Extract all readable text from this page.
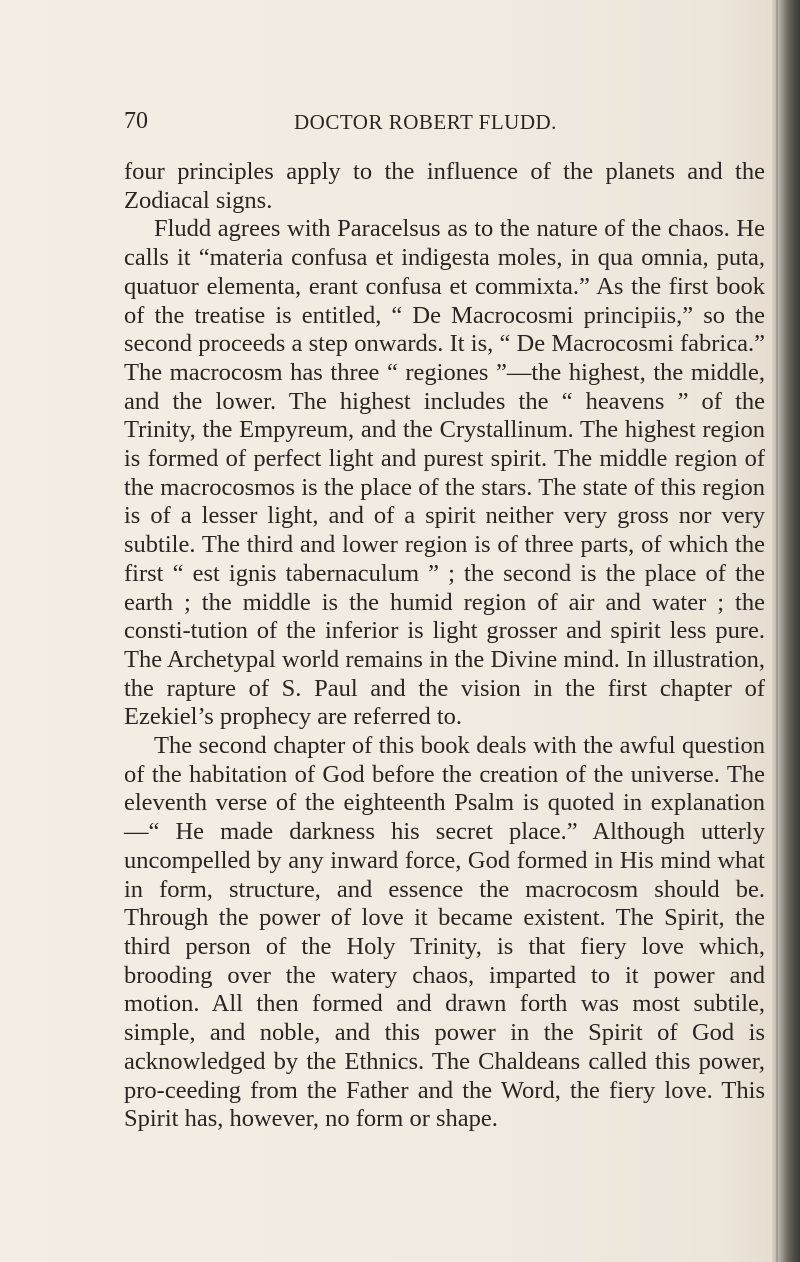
70	DOCTOR ROBERT FLUDD.

four principles apply to the influence of the planets and the Zodiacal signs.

Fludd agrees with Paracelsus as to the nature of the chaos. He calls it “materia confusa et indigesta moles, in qua omnia, puta, quatuor elementa, erant confusa et commixta.” As the first book of the treatise is entitled, “ De Macrocosmi principiis,” so the second proceeds a step onwards. It is, “ De Macrocosmi fabrica.” The macrocosm has three “ regiones ”—the highest, the middle, and the lower. The highest includes the “ heavens ” of the Trinity, the Empyreum, and the Crystallinum. The highest region is formed of perfect light and purest spirit. The middle region of the macrocosmos is the place of the stars. The state of this region is of a lesser light, and of a spirit neither very gross nor very subtile. The third and lower region is of three parts, of which the first “ est ignis tabernaculum ” ; the second is the place of the earth ; the middle is the humid region of air and water ; the consti-tution of the inferior is light grosser and spirit less pure. The Archetypal world remains in the Divine mind. In illustration, the rapture of S. Paul and the vision in the first chapter of Ezekiel’s prophecy are referred to.

The second chapter of this book deals with the awful question of the habitation of God before the creation of the universe. The eleventh verse of the eighteenth Psalm is quoted in explanation—“ He made darkness his secret place.” Although utterly uncompelled by any inward force, God formed in His mind what in form, structure, and essence the macrocosm should be. Through the power of love it became existent. The Spirit, the third person of the Holy Trinity, is that fiery love which, brooding over the watery chaos, imparted to it power and motion. All then formed and drawn forth was most subtile, simple, and noble, and this power in the Spirit of God is acknowledged by the Ethnics. The Chaldeans called this power, pro-ceeding from the Father and the Word, the fiery love. This Spirit has, however, no form or shape.
